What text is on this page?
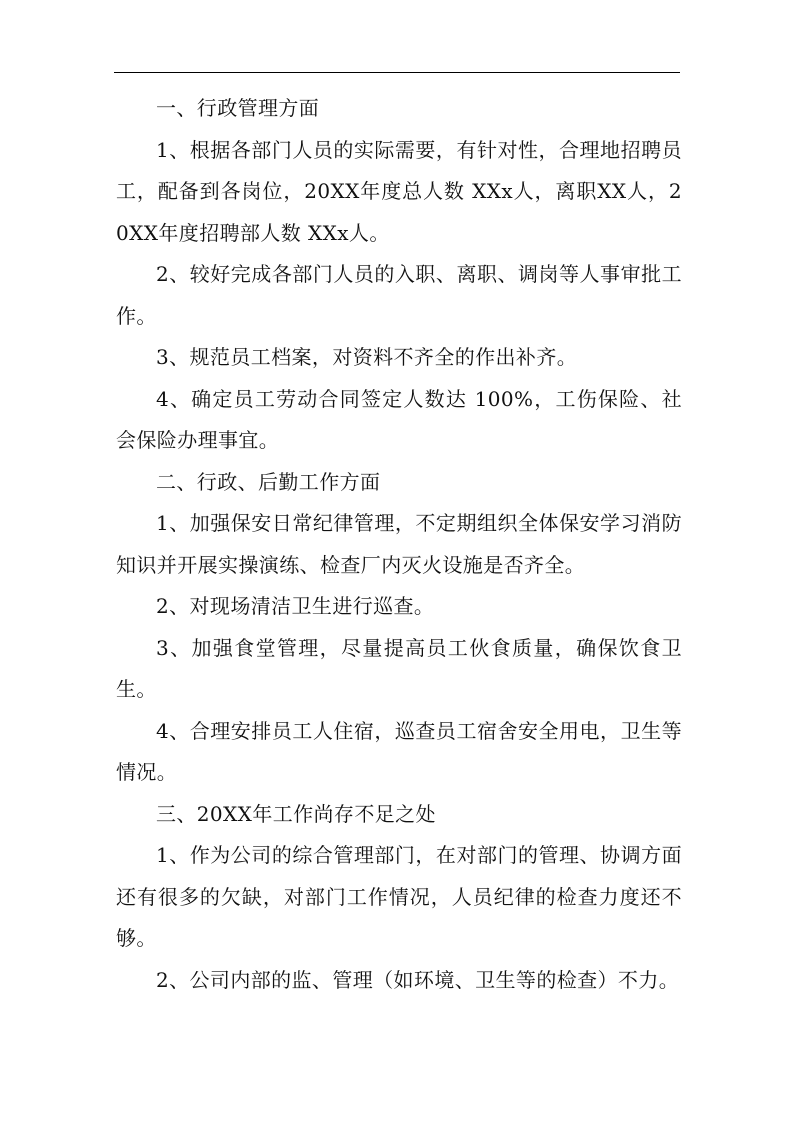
一、行政管理方面

1、根据各部门人员的实际需要，有针对性，合理地招聘员工，配备到各岗位，20XX年度总人数 XXx人，离职XX人，20XX年度招聘部人数 XXx人。

2、较好完成各部门人员的入职、离职、调岗等人事审批工作。

3、规范员工档案，对资料不齐全的作出补齐。

4、确定员工劳动合同签定人数达 100%，工伤保险、社会保险办理事宜。

二、行政、后勤工作方面

1、加强保安日常纪律管理，不定期组织全体保安学习消防知识并开展实操演练、检查厂内灭火设施是否齐全。

2、对现场清洁卫生进行巡查。

3、加强食堂管理，尽量提高员工伙食质量，确保饮食卫生。

4、合理安排员工人住宿，巡查员工宿舍安全用电，卫生等情况。

三、20XX年工作尚存不足之处

1、作为公司的综合管理部门，在对部门的管理、协调方面还有很多的欠缺，对部门工作情况，人员纪律的检查力度还不够。

2、公司内部的监、管理（如环境、卫生等的检查）不力。
